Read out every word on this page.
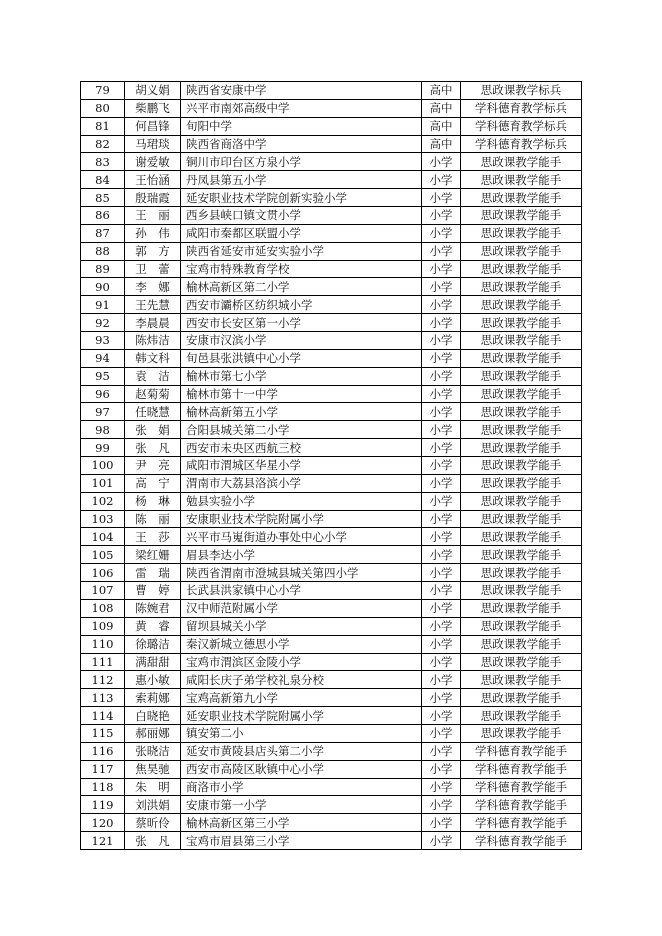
79	胡义娟	陕西省安康中学	高中	思政课教学标兵
80	柴鹏飞	兴平市南郊高级中学	高中	学科德育教学标兵
81	何昌锋	旬阳中学	高中	学科德育教学标兵
82	马珺琰	陕西省商洛中学	高中	学科德育教学标兵
83	谢爱敏	铜川市印台区方泉小学	小学	思政课教学能手
84	王怡涵	丹凤县第五小学	小学	思政课教学能手
85	殷瑞霞	延安职业技术学院创新实验小学	小学	思政课教学能手
86	王　丽	西乡县峡口镇文贯小学	小学	思政课教学能手
87	孙　伟	咸阳市秦都区联盟小学	小学	思政课教学能手
88	郭　方	陕西省延安市延安实验小学	小学	思政课教学能手
89	卫　蕾	宝鸡市特殊教育学校	小学	思政课教学能手
90	李　娜	榆林高新区第二小学	小学	思政课教学能手
91	王先慧	西安市灞桥区纺织城小学	小学	思政课教学能手
92	李晨晨	西安市长安区第一小学	小学	思政课教学能手
93	陈炜洁	安康市汉滨小学	小学	思政课教学能手
94	韩文科	旬邑县张洪镇中心小学	小学	思政课教学能手
95	袁　洁	榆林市第七小学	小学	思政课教学能手
96	赵菊菊	榆林市第十一中学	小学	思政课教学能手
97	任晓慧	榆林高新第五小学	小学	思政课教学能手
98	张　娟	合阳县城关第二小学	小学	思政课教学能手
99	张　凡	西安市未央区西航三校	小学	思政课教学能手
100	尹　亮	咸阳市渭城区华星小学	小学	思政课教学能手
101	高　宁	渭南市大荔县洛滨小学	小学	思政课教学能手
102	杨　琳	勉县实验小学	小学	思政课教学能手
103	陈　丽	安康职业技术学院附属小学	小学	思政课教学能手
104	王　莎	兴平市马嵬街道办事处中心小学	小学	思政课教学能手
105	梁红姗	眉县李达小学	小学	思政课教学能手
106	雷　瑞	陕西省渭南市澄城县城关第四小学	小学	思政课教学能手
107	曹　婷	长武县洪家镇中心小学	小学	思政课教学能手
108	陈婉君	汉中师范附属小学	小学	思政课教学能手
109	黄　睿	留坝县城关小学	小学	思政课教学能手
110	徐璐洁	秦汉新城立德思小学	小学	思政课教学能手
111	满甜甜	宝鸡市渭滨区金陵小学	小学	思政课教学能手
112	惠小敏	咸阳长庆子弟学校礼泉分校	小学	思政课教学能手
113	索莉娜	宝鸡高新第九小学	小学	思政课教学能手
114	白晓艳	延安职业技术学院附属小学	小学	思政课教学能手
115	郝丽娜	镇安第二小	小学	思政课教学能手
116	张晓洁	延安市黄陵县店头第二小学	小学	学科德育教学能手
117	焦昊驰	西安市高陵区耿镇中心小学	小学	学科德育教学能手
118	朱　明	商洛市小学	小学	学科德育教学能手
119	刘洪娟	安康市第一小学	小学	学科德育教学能手
120	蔡昕伶	榆林高新区第三小学	小学	学科德育教学能手
121	张　凡	宝鸡市眉县第三小学	小学	学科德育教学能手
